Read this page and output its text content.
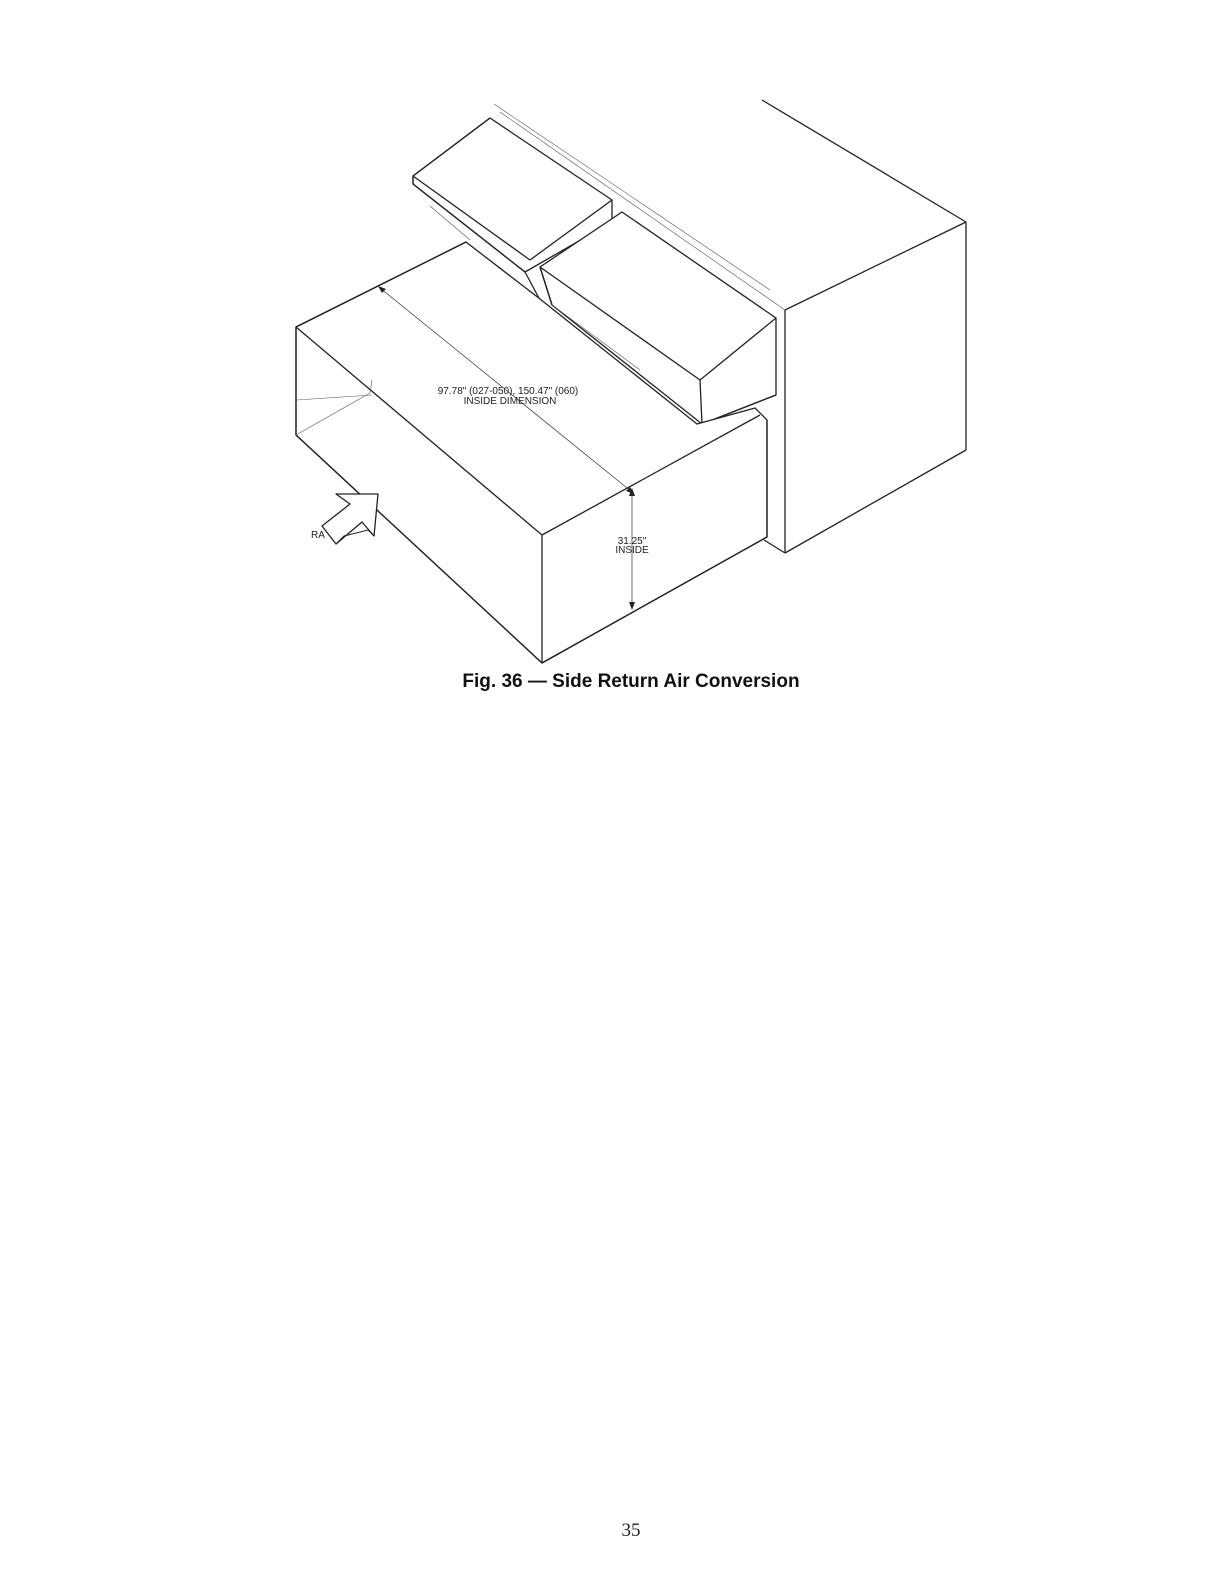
97.78" (027-050), 150.47" (060)
INSIDE DIMENSION
31.25"
INSIDE
RA
Fig. 36 — Side Return Air Conversion
35
